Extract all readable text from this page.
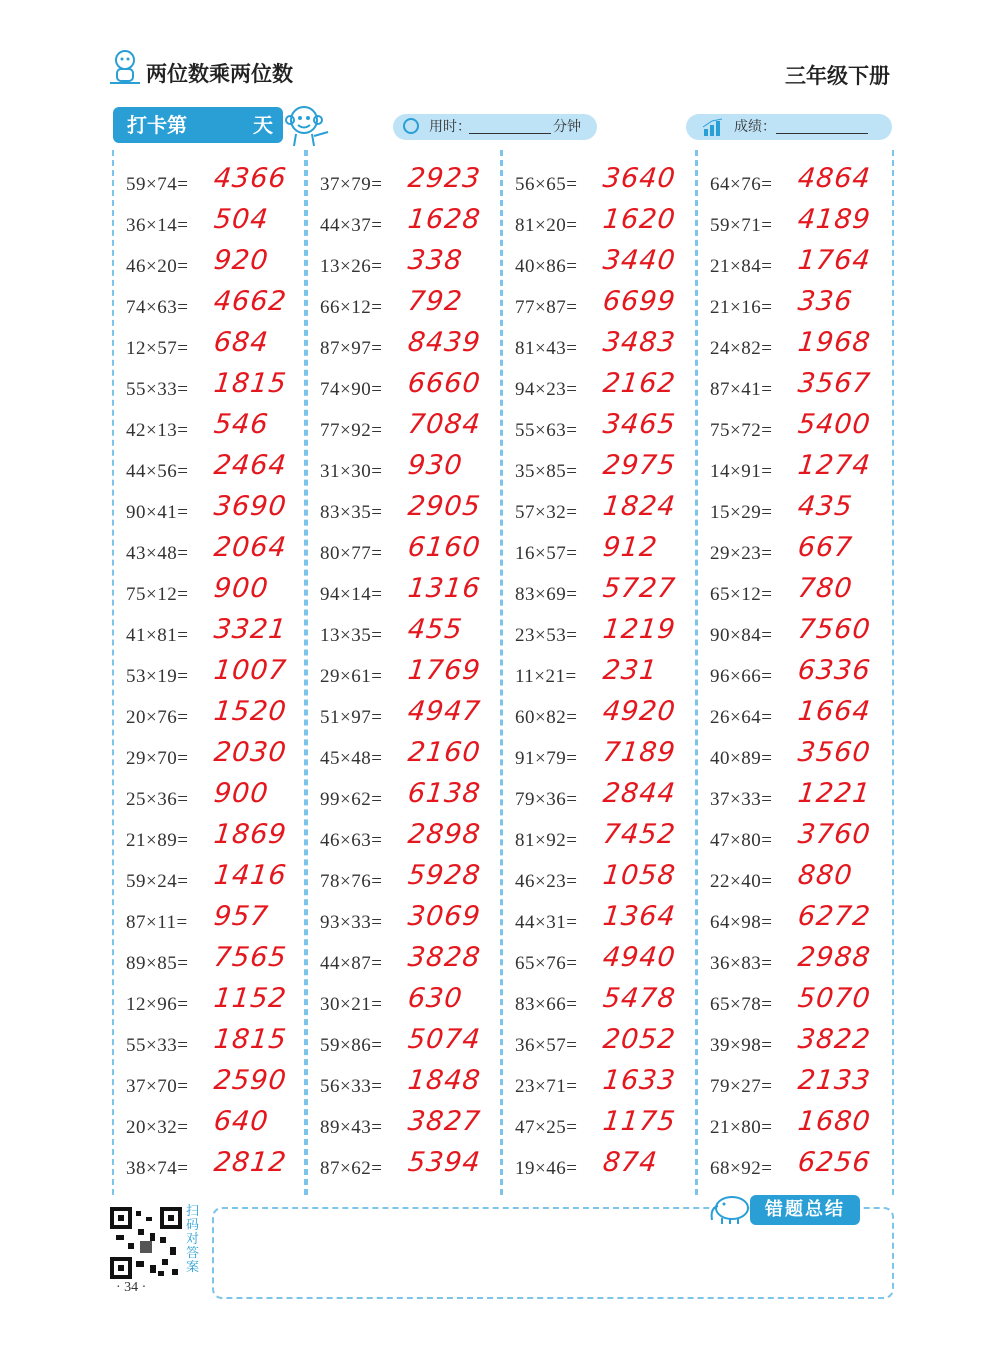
两位数乘两位数	三年级下册
打卡第	天	用时：	分钟	成绩：
59×74= 4366
36×14= 504
46×20= 920
74×63= 4662
12×57= 684
55×33= 1815
42×13= 546
44×56= 2464
90×41= 3690
43×48= 2064
75×12= 900
41×81= 3321
53×19= 1007
20×76= 1520
29×70= 2030
25×36= 900
21×89= 1869
59×24= 1416
87×11= 957
89×85= 7565
12×96= 1152
55×33= 1815
37×70= 2590
20×32= 640
38×74= 2812
37×79= 2923
44×37= 1628
13×26= 338
66×12= 792
87×97= 8439
74×90= 6660
77×92= 7084
31×30= 930
83×35= 2905
80×77= 6160
94×14= 1316
13×35= 455
29×61= 1769
51×97= 4947
45×48= 2160
99×62= 6138
46×63= 2898
78×76= 5928
93×33= 3069
44×87= 3828
30×21= 630
59×86= 5074
56×33= 1848
89×43= 3827
87×62= 5394
56×65= 3640
81×20= 1620
40×86= 3440
77×87= 6699
81×43= 3483
94×23= 2162
55×63= 3465
35×85= 2975
57×32= 1824
16×57= 912
83×69= 5727
23×53= 1219
11×21= 231
60×82= 4920
91×79= 7189
79×36= 2844
81×92= 7452
46×23= 1058
44×31= 1364
65×76= 4940
83×66= 5478
36×57= 2052
23×71= 1633
47×25= 1175
19×46= 874
64×76= 4864
59×71= 4189
21×84= 1764
21×16= 336
24×82= 1968
87×41= 3567
75×72= 5400
14×91= 1274
15×29= 435
29×23= 667
65×12= 780
90×84= 7560
96×66= 6336
26×64= 1664
40×89= 3560
37×33= 1221
47×80= 3760
22×40= 880
64×98= 6272
36×83= 2988
65×78= 5070
39×98= 3822
79×27= 2133
21×80= 1680
68×92= 6256
扫码对答案
· 34 ·
错题总结
